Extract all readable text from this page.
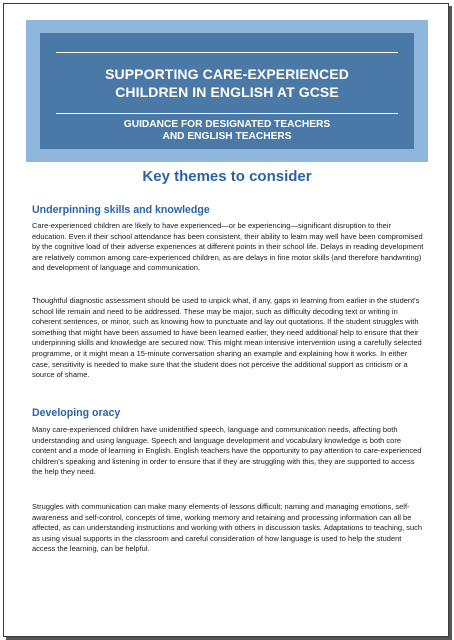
SUPPORTING CARE-EXPERIENCED
CHILDREN IN ENGLISH AT GCSE
GUIDANCE FOR DESIGNATED TEACHERS
AND ENGLISH TEACHERS
Key themes to consider
Underpinning skills and knowledge

Care-experienced children are likely to have experienced—or be experiencing—significant disruption to their education. Even if their school attendance has been consistent, their ability to learn may well have been compromised by the cognitive load of their adverse experiences at different points in their school life. Delays in reading development are relatively common among care-experienced children, as are delays in fine motor skills (and therefore handwriting) and development of language and communication.

Thoughtful diagnostic assessment should be used to unpick what, if any, gaps in learning from earlier in the student's school life remain and need to be addressed. These may be major, such as difficulty decoding text or writing in coherent sentences, or minor, such as knowing how to punctuate and lay out quotations. If the student struggles with something that might have been assumed to have been learned earlier, they need additional help to ensure that their underpinning skills and knowledge are secured now. This might mean intensive intervention using a carefully selected programme, or it might mean a 15-minute conversation sharing an example and explaining how it works. In either case, sensitivity is needed to make sure that the student does not perceive the additional support as criticism or a source of shame.

Developing oracy

Many care-experienced children have unidentified speech, language and communication needs, affecting both understanding and using language. Speech and language development and vocabulary knowledge is both core content and a mode of learning in English. English teachers have the opportunity to pay attention to care-experienced children's speaking and listening in order to ensure that if they are struggling with this, they are supported to access the help they need.

Struggles with communication can make many elements of lessons difficult; naming and managing emotions, self-awareness and self-control, concepts of time, working memory and retaining and processing information can all be affected, as can understanding instructions and working with others in discussion tasks. Adaptations to teaching, such as using visual supports in the classroom and careful consideration of how language is used to help the student access the learning, can be helpful.
